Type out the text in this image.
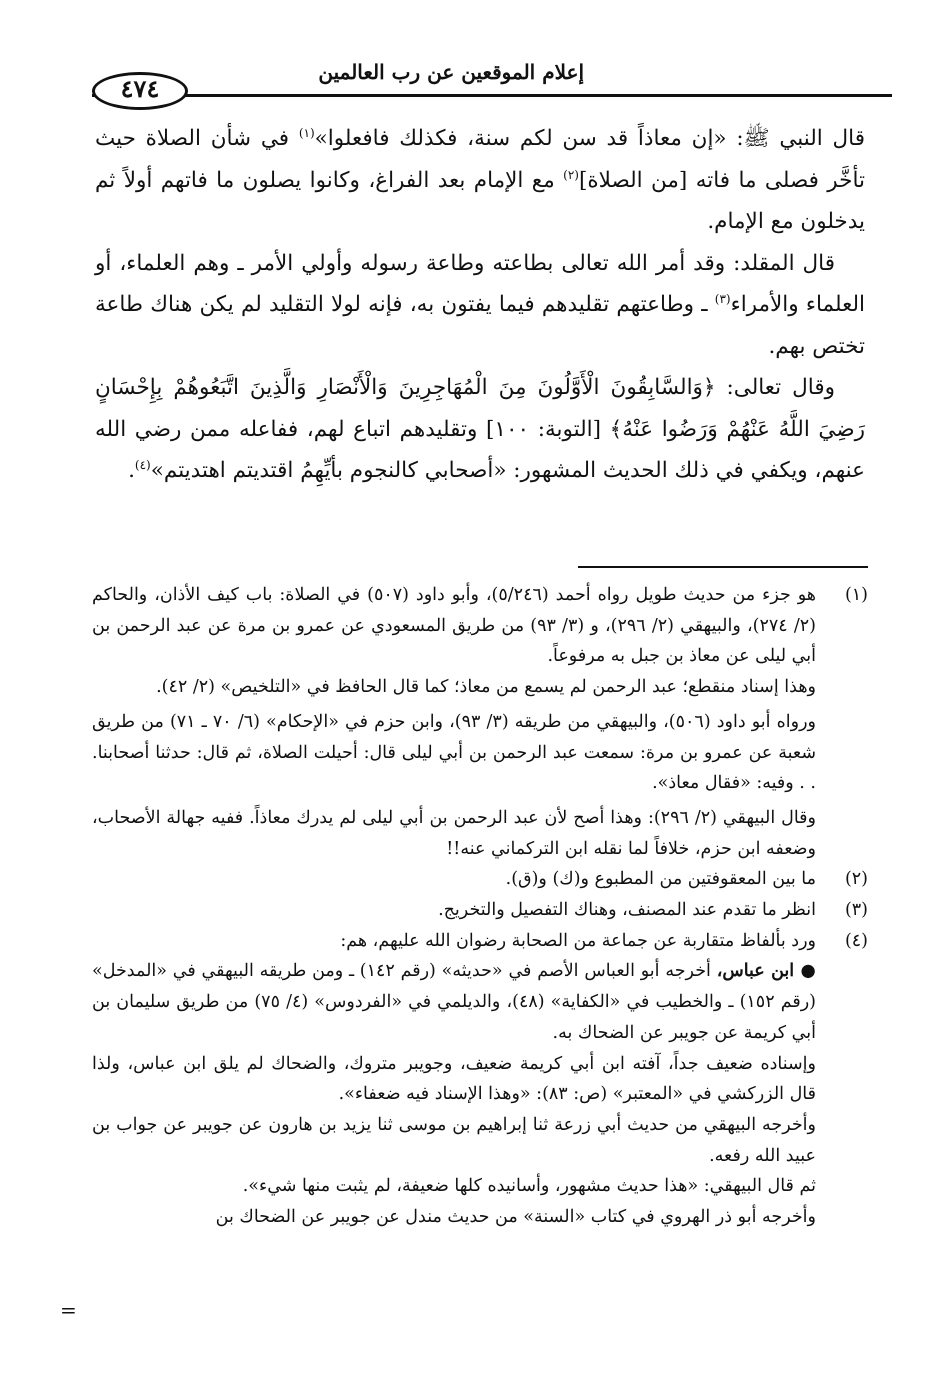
إعلام الموقعين عن رب العالمين
٤٧٤

قال النبي ﷺ: «إن معاذاً قد سن لكم سنة، فكذلك فافعلوا»$^{(١)}$ في شأن الصلاة حيث تأخَّر فصلى ما فاته [من الصلاة]$^{(٢)}$ مع الإمام بعد الفراغ، وكانوا يصلون ما فاتهم أولاً ثم يدخلون مع الإمام.

قال المقلد: وقد أمر الله تعالى بطاعته وطاعة رسوله وأولي الأمر ـ وهم العلماء، أو العلماء والأمراء$^{(٣)}$ ـ وطاعتهم تقليدهم فيما يفتون به، فإنه لولا التقليد لم يكن هناك طاعة تختص بهم.

وقال تعالى: ﴿وَالسَّابِقُونَ الْأَوَّلُونَ مِنَ الْمُهَاجِرِينَ وَالْأَنْصَارِ وَالَّذِينَ اتَّبَعُوهُمْ بِإِحْسَانٍ رَضِيَ اللَّهُ عَنْهُمْ وَرَضُوا عَنْهُ﴾ [التوبة: ١٠٠] وتقليدهم اتباع لهم، ففاعله ممن رضي الله عنهم، ويكفي في ذلك الحديث المشهور: «أصحابي كالنجوم بأيِّهِمُ اقتديتم اهتديتم»$^{(٤)}$.

(١)

هو جزء من حديث طويل رواه أحمد (٥/٢٤٦)، وأبو داود (٥٠٧) في الصلاة: باب كيف الأذان، والحاكم (٢/ ٢٧٤)، والبيهقي (٢/ ٢٩٦)، و (٣/ ٩٣) من طريق المسعودي عن عمرو بن مرة عن عبد الرحمن بن أبي ليلى عن معاذ بن جبل به مرفوعاً.

وهذا إسناد منقطع؛ عبد الرحمن لم يسمع من معاذ؛ كما قال الحافظ في «التلخيص» (٢/ ٤٢).

ورواه أبو داود (٥٠٦)، والبيهقي من طريقه (٣/ ٩٣)، وابن حزم في «الإحكام» (٦/ ٧٠ ـ ٧١) من طريق شعبة عن عمرو بن مرة: سمعت عبد الرحمن بن أبي ليلى قال: أحيلت الصلاة، ثم قال: حدثنا أصحابنا. . . وفيه: «فقال معاذ».

وقال البيهقي (٢/ ٢٩٦): وهذا أصح لأن عبد الرحمن بن أبي ليلى لم يدرك معاذاً. ففيه جهالة الأصحاب، وضعفه ابن حزم، خلافاً لما نقله ابن التركماني عنه!!

(٢)

ما بين المعقوفتين من المطبوع و(ك) و(ق).

(٣)

انظر ما تقدم عند المصنف، وهناك التفصيل والتخريج.

(٤)

ورد بألفاظ متقاربة عن جماعة من الصحابة رضوان الله عليهم، هم:

● ابن عباس، أخرجه أبو العباس الأصم في «حديثه» (رقم ١٤٢) ـ ومن طريقه البيهقي في «المدخل» (رقم ١٥٢) ـ والخطيب في «الكفاية» (٤٨)، والديلمي في «الفردوس» (٤/ ٧٥) من طريق سليمان بن أبي كريمة عن جويبر عن الضحاك به.

وإسناده ضعيف جداً، آفته ابن أبي كريمة ضعيف، وجويبر متروك، والضحاك لم يلق ابن عباس، ولذا قال الزركشي في «المعتبر» (ص: ٨٣): «وهذا الإسناد فيه ضعفاء».

وأخرجه البيهقي من حديث أبي زرعة ثنا إبراهيم بن موسى ثنا يزيد بن هارون عن جويبر عن جواب بن عبيد الله رفعه.

ثم قال البيهقي: «هذا حديث مشهور، وأسانيده كلها ضعيفة، لم يثبت منها شيء».

وأخرجه أبو ذر الهروي في كتاب «السنة» من حديث مندل عن جويبر عن الضحاك بن

=
